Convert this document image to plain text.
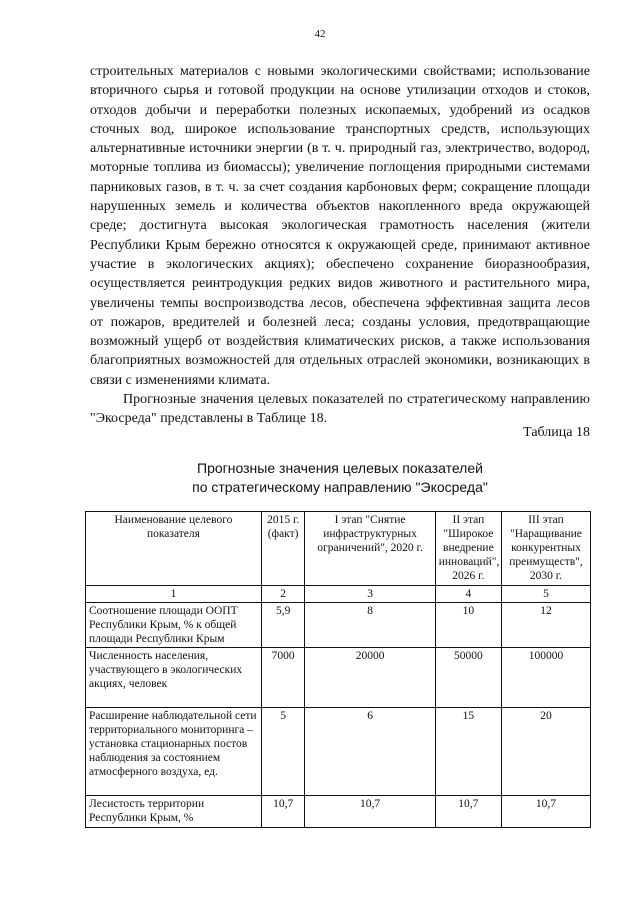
42

строительных материалов с новыми экологическими свойствами; использование вторичного сырья и готовой продукции на основе утилизации отходов и стоков, отходов добычи и переработки полезных ископаемых, удобрений из осадков сточных вод, широкое использование транспортных средств, использующих альтернативные источники энергии (в т. ч. природный газ, электричество, водород, моторные топлива из биомассы); увеличение поглощения природными системами парниковых газов, в т. ч. за счет создания карбоновых ферм; сокращение площади нарушенных земель и количества объектов накопленного вреда окружающей среде; достигнута высокая экологическая грамотность населения (жители Республики Крым бережно относятся к окружающей среде, принимают активное участие в экологических акциях); обеспечено сохранение биоразнообразия, осуществляется реинтродукция редких видов животного и растительного мира, увеличены темпы воспроизводства лесов, обеспечена эффективная защита лесов от пожаров, вредителей и болезней леса; созданы условия, предотвращающие возможный ущерб от воздействия климатических рисков, а также использования благоприятных возможностей для отдельных отраслей экономики, возникающих в связи с изменениями климата.

Прогнозные значения целевых показателей по стратегическому направлению "Экосреда" представлены в Таблице 18.

Таблица 18
Прогнозные значения целевых показателей
по стратегическому направлению "Экосреда"
Наименование целевого показателя	2015 г. (факт)	I этап "Снятие инфраструктурных ограничений", 2020 г.	II этап "Широкое внедрение инноваций", 2026 г.	III этап "Наращивание конкурентных преимуществ", 2030 г.
1	2	3	4	5
Соотношение площади ООПТ Республики Крым, % к общей площади Республики Крым	5,9	8	10	12
Численность населения, участвующего в экологических акциях, человек	7000	20000	50000	100000
Расширение наблюдательной сети территориального мониторинга – установка стационарных постов наблюдения за состоянием атмосферного воздуха, ед.	5	6	15	20
Лесистость территории Республики Крым, %	10,7	10,7	10,7	10,7
